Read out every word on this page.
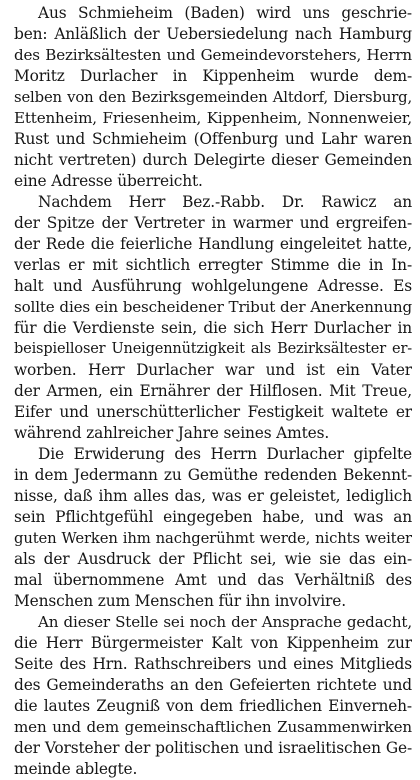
Aus Schmieheim (Baden) wird uns geschrie-
ben: Anläßlich der Uebersiedelung nach Hamburg
des Bezirksältesten und Gemeindevorstehers, Herrn
Moritz Durlacher in Kippenheim wurde dem-
selben von den Bezirksgemeinden Altdorf, Diersburg,
Ettenheim, Friesenheim, Kippenheim, Nonnenweier,
Rust und Schmieheim (Offenburg und Lahr waren
nicht vertreten) durch Delegirte dieser Gemeinden
eine Adresse überreicht.
Nachdem Herr Bez.-Rabb. Dr. Rawicz an
der Spitze der Vertreter in warmer und ergreifen-
der Rede die feierliche Handlung eingeleitet hatte,
verlas er mit sichtlich erregter Stimme die in In-
halt und Ausführung wohlgelungene Adresse. Es
sollte dies ein bescheidener Tribut der Anerkennung
für die Verdienste sein, die sich Herr Durlacher in
beispielloser Uneigennützigkeit als Bezirksältester er-
worben. Herr Durlacher war und ist ein Vater
der Armen, ein Ernährer der Hilflosen. Mit Treue,
Eifer und unerschütterlicher Festigkeit waltete er
während zahlreicher Jahre seines Amtes.
Die Erwiderung des Herrn Durlacher gipfelte
in dem Jedermann zu Gemüthe redenden Bekennt-
nisse, daß ihm alles das, was er geleistet, lediglich
sein Pflichtgefühl eingegeben habe, und was an
guten Werken ihm nachgerühmt werde, nichts weiter
als der Ausdruck der Pflicht sei, wie sie das ein-
mal übernommene Amt und das Verhältniß des
Menschen zum Menschen für ihn involvire.
An dieser Stelle sei noch der Ansprache gedacht,
die Herr Bürgermeister Kalt von Kippenheim zur
Seite des Hrn. Rathschreibers und eines Mitglieds
des Gemeinderaths an den Gefeierten richtete und
die lautes Zeugniß von dem friedlichen Einverneh-
men und dem gemeinschaftlichen Zusammenwirken
der Vorsteher der politischen und israelitischen Ge-
meinde ablegte.
